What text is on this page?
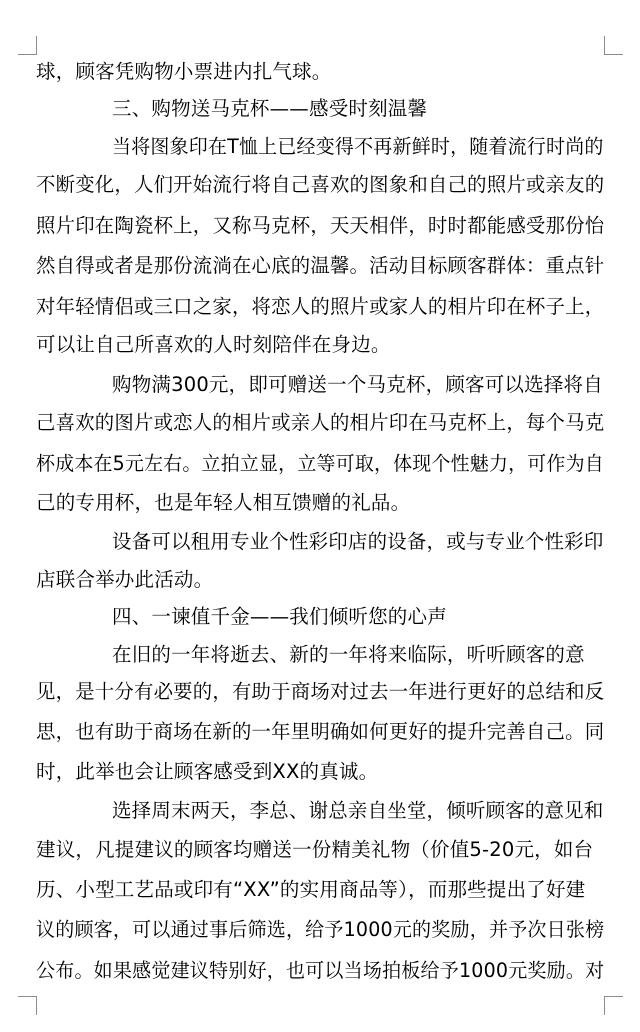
球，顾客凭购物小票进内扎气球。
三、购物送马克杯——感受时刻温馨
当将图象印在T恤上已经变得不再新鲜时，随着流行时尚的
不断变化，人们开始流行将自己喜欢的图象和自己的照片或亲友的
照片印在陶瓷杯上，又称马克杯，天天相伴，时时都能感受那份怡
然自得或者是那份流淌在心底的温馨。活动目标顾客群体：重点针
对年轻情侣或三口之家，将恋人的照片或家人的相片印在杯子上，
可以让自己所喜欢的人时刻陪伴在身边。
购物满300元，即可赠送一个马克杯，顾客可以选择将自
己喜欢的图片或恋人的相片或亲人的相片印在马克杯上，每个马克
杯成本在5元左右。立拍立显，立等可取，体现个性魅力，可作为自
己的专用杯，也是年轻人相互馈赠的礼品。
设备可以租用专业个性彩印店的设备，或与专业个性彩印
店联合举办此活动。
四、一谏值千金——我们倾听您的心声
在旧的一年将逝去、新的一年将来临际，听听顾客的意
见，是十分有必要的，有助于商场对过去一年进行更好的总结和反
思，也有助于商场在新的一年里明确如何更好的提升完善自己。同
时，此举也会让顾客感受到XX的真诚。
选择周末两天，李总、谢总亲自坐堂，倾听顾客的意见和
建议，凡提建议的顾客均赠送一份精美礼物（价值5-20元，如台
历、小型工艺品或印有“XX”的实用商品等），而那些提出了好建
议的顾客，可以通过事后筛选，给予1000元的奖励，并予次日张榜
公布。如果感觉建议特别好，也可以当场拍板给予1000元奖励。对
